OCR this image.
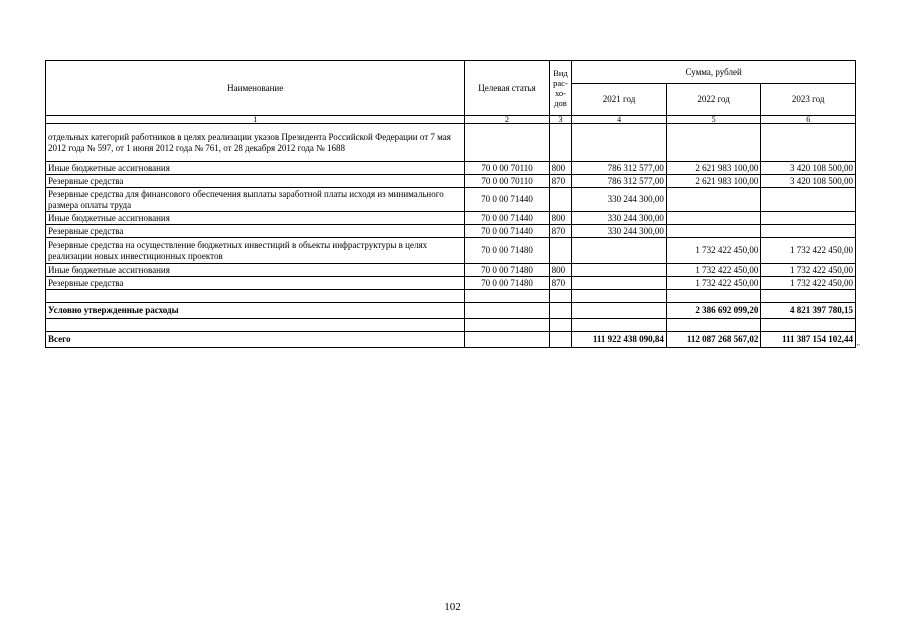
Наименование	Целевая статья	Вид рас-хо-дов	Сумма, рублей		
			2021 год	2022 год	2023 год
1	2	3	4	5	6
отдельных категорий работников в целях реализации указов Президента Российской Федерации от 7 мая 2012 года № 597, от 1 июня 2012 года № 761, от 28 декабря 2012 года № 1688					
Иные бюджетные ассигнования	70 0 00 70110	800	786 312 577,00	2 621 983 100,00	3 420 108 500,00
Резервные средства	70 0 00 70110	870	786 312 577,00	2 621 983 100,00	3 420 108 500,00
Резервные средства для финансового обеспечения выплаты заработной платы исходя из минимального размера оплаты труда	70 0 00 71440		330 244 300,00		
Иные бюджетные ассигнования	70 0 00 71440	800	330 244 300,00		
Резервные средства	70 0 00 71440	870	330 244 300,00		
Резервные средства на осуществление бюджетных инвестиций в объекты инфраструктуры в целях реализации новых инвестиционных проектов	70 0 00 71480			1 732 422 450,00	1 732 422 450,00
Иные бюджетные ассигнования	70 0 00 71480	800		1 732 422 450,00	1 732 422 450,00
Резервные средства	70 0 00 71480	870		1 732 422 450,00	1 732 422 450,00

Условно утвержденные расходы				2 386 692 099,20	4 821 397 780,15

Всего			111 922 438 090,84	112 087 268 567,02	111 387 154 102,44
"
102
